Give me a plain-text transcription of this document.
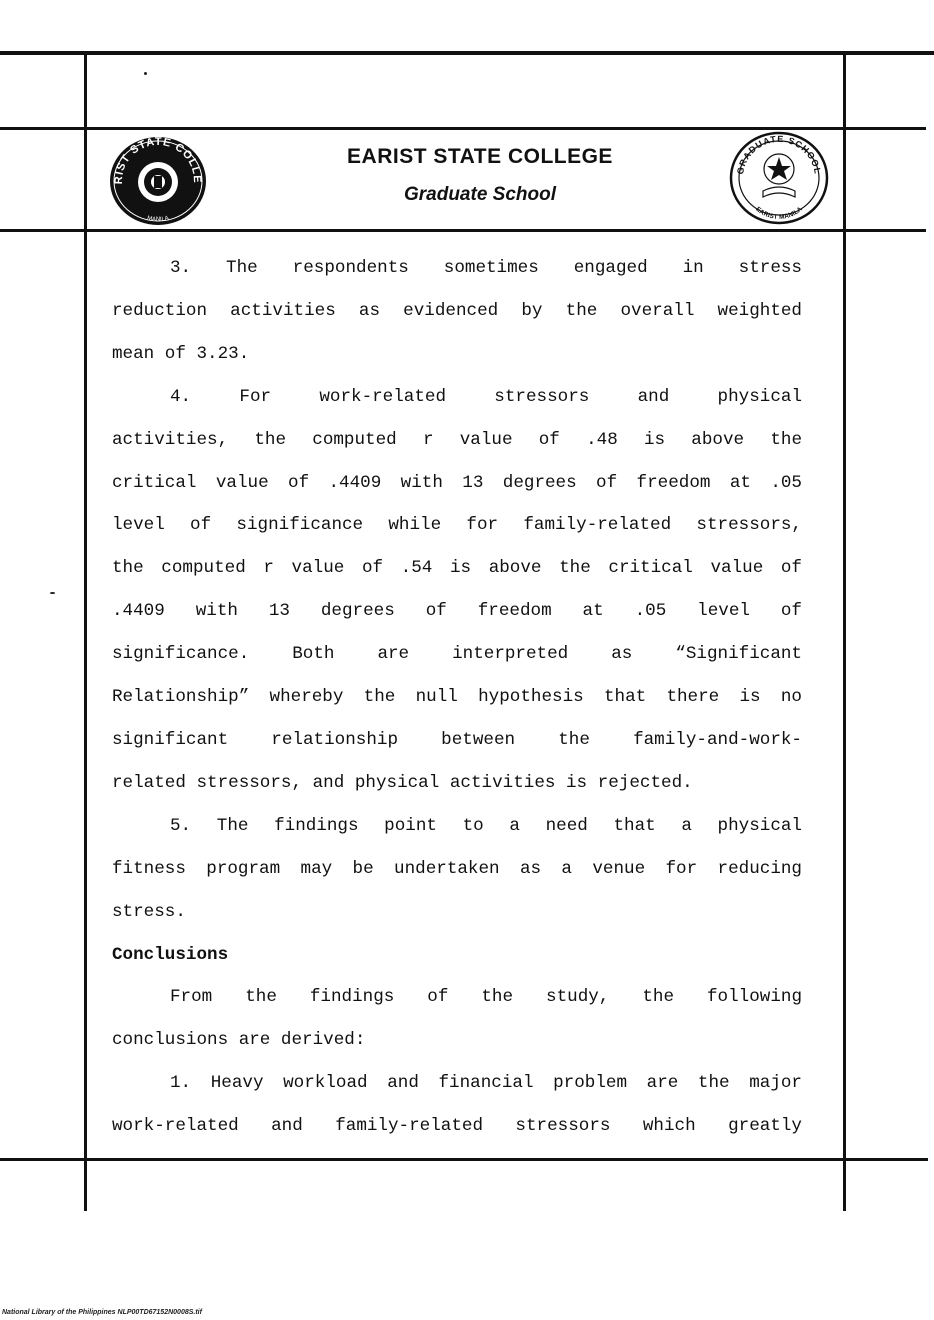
RIST STATE COLLE
MANILA
EARIST STATE COLLEGE
Graduate School
GRADUATE SCHOOL
EARIST MANILA

3. The respondents sometimes engaged in stress

reduction activities as evidenced by the overall weighted

mean of 3.23.

4. For work-related stressors and physical

activities, the computed r value of .48 is above the

critical value of .4409 with 13 degrees of freedom at .05

level of significance while for family-related stressors,

the computed r value of .54 is above the critical value of

.4409 with 13 degrees of freedom at .05 level of

significance. Both are interpreted as “Significant

Relationship” whereby the null hypothesis that there is no

significant relationship between the family-and-work-

related stressors, and physical activities is rejected.

5. The findings point to a need that a physical

fitness program may be undertaken as a venue for reducing

stress.

Conclusions

From the findings of the study, the following

conclusions are derived:

1. Heavy workload and financial problem are the major

work-related and family-related stressors which greatly

National Library of the Philippines NLP00TD67152N0008S.tif
